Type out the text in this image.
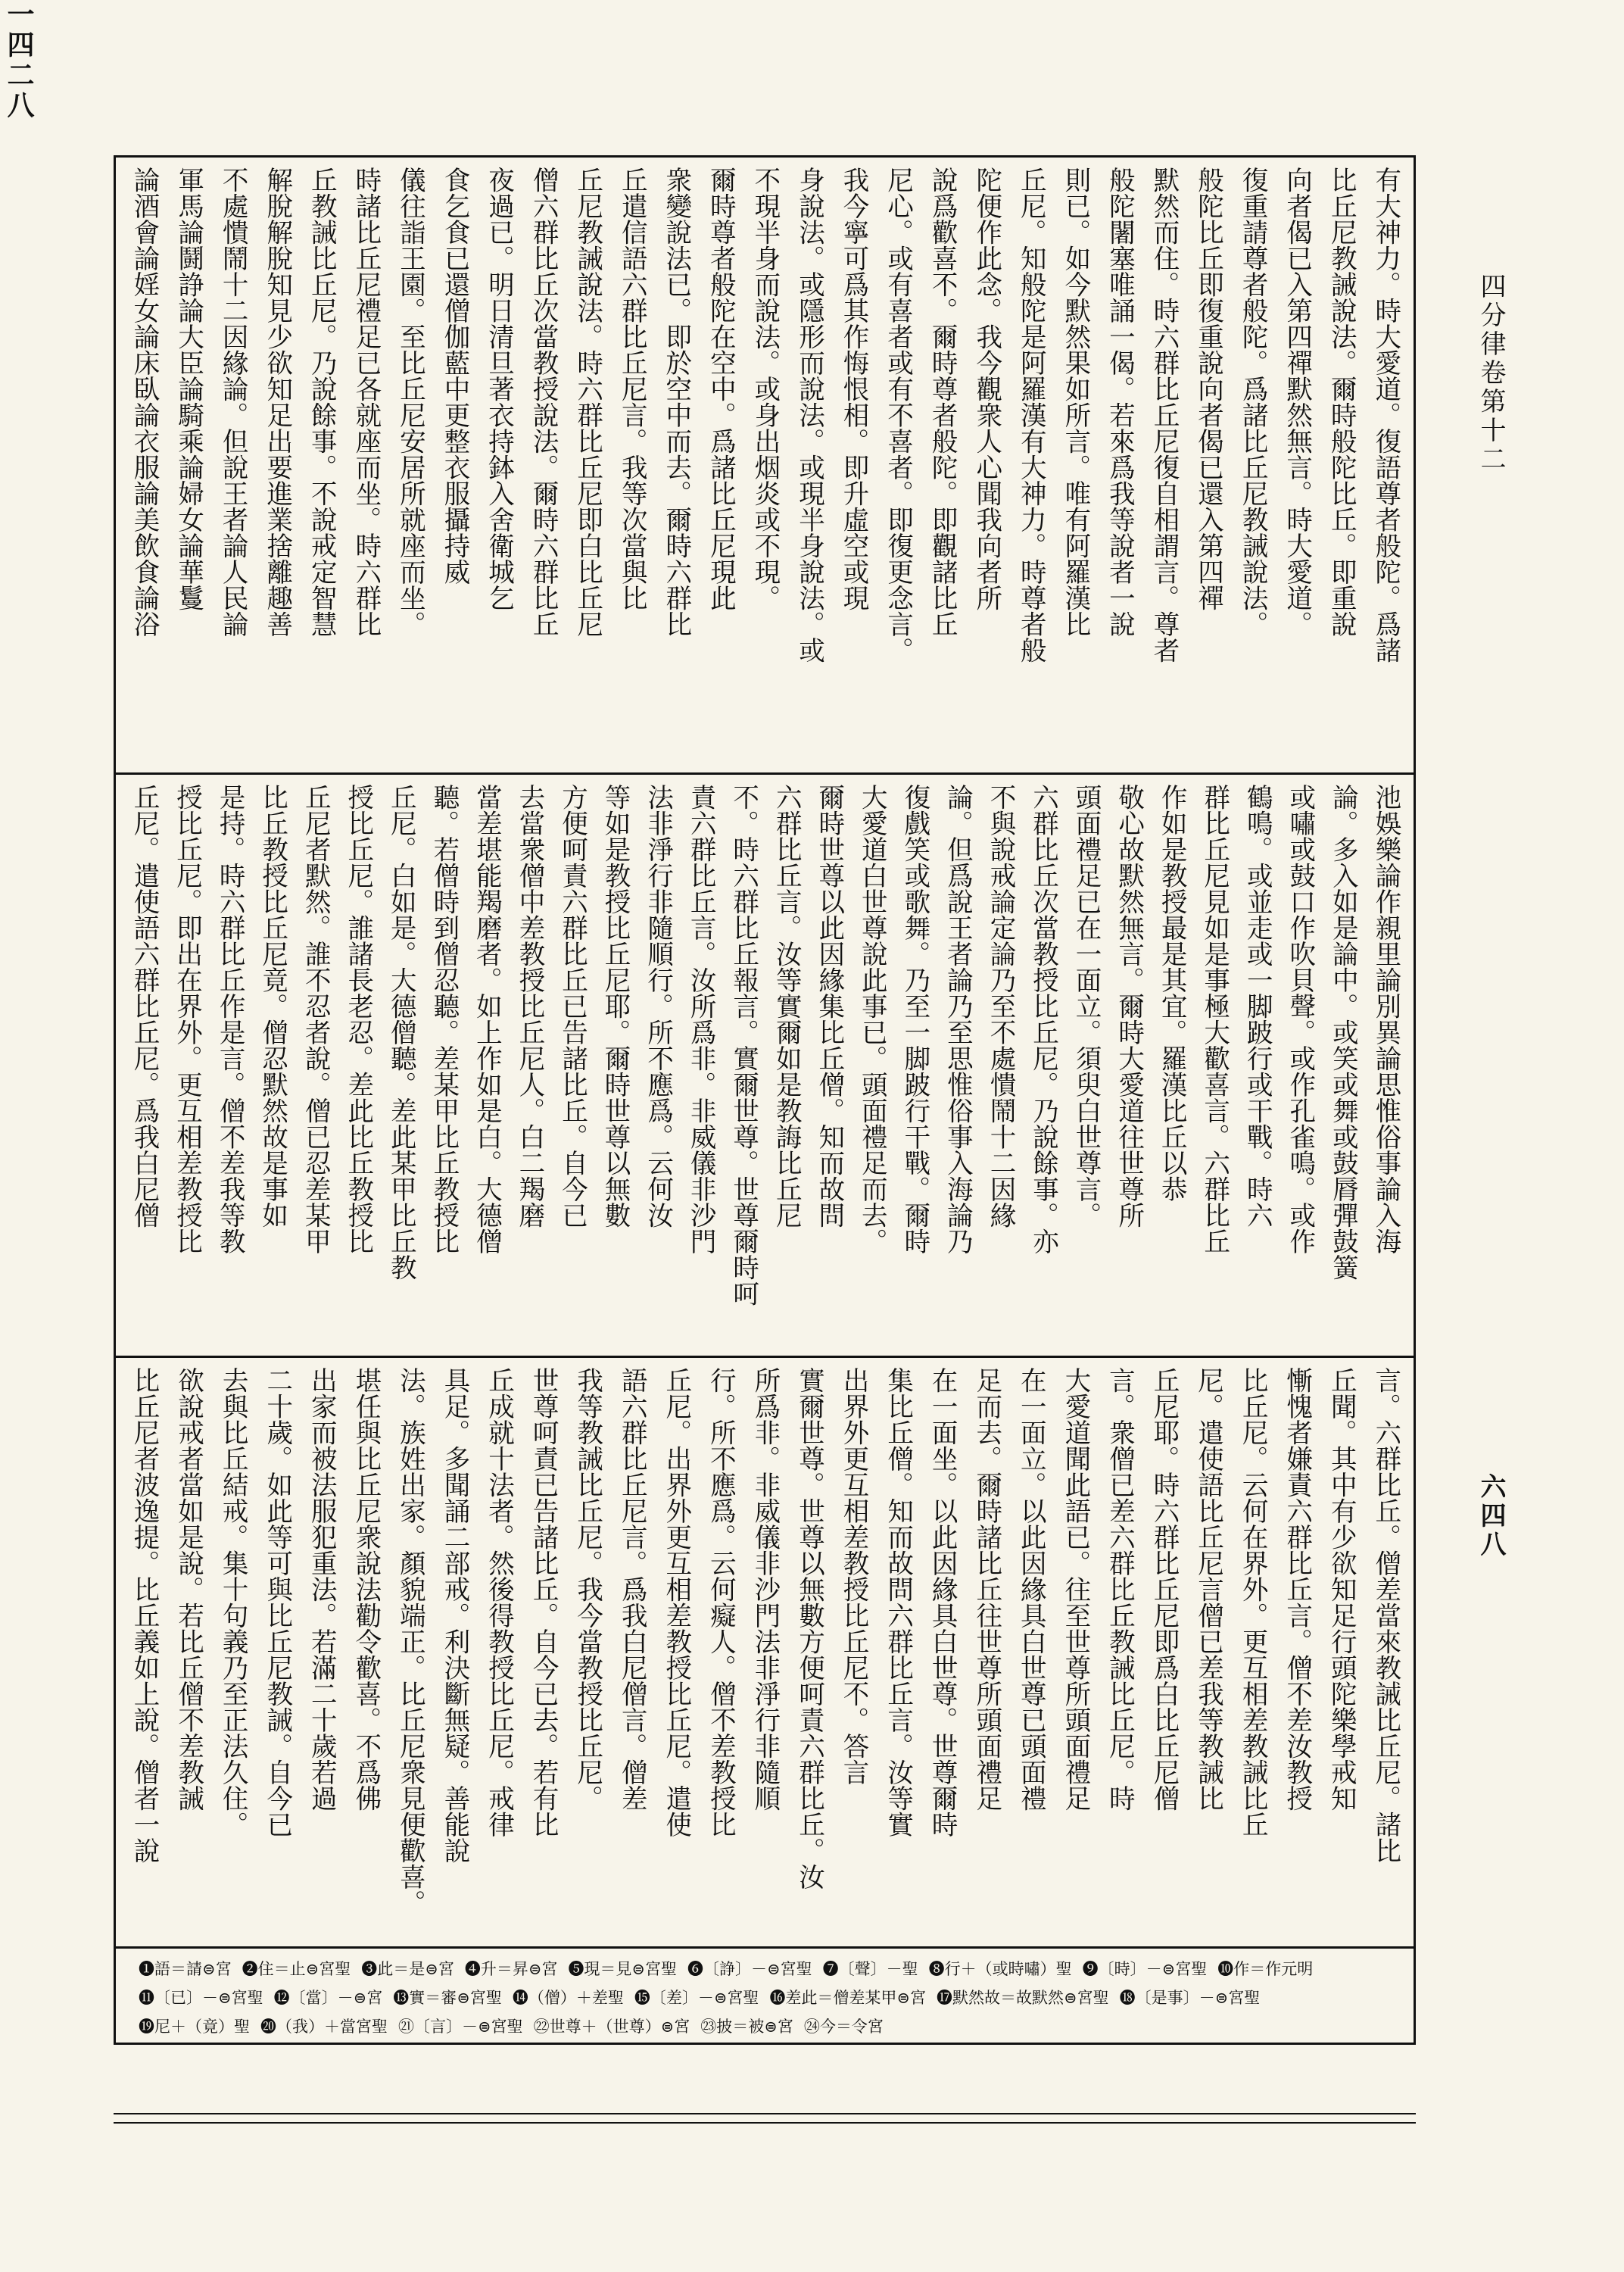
一四二八
四分律卷第十二
六四八
有大神力。時大愛道。復語尊者般陀。爲諸
比丘尼教誡說法。爾時般陀比丘。即重說
向者偈已入第四禪默然無言。時大愛道。
復重請尊者般陀。爲諸比丘尼教誡說法。
般陀比丘即復重說向者偈已還入第四禪
默然而住。時六群比丘尼復自相謂言。尊者
般陀闍塞唯誦一偈。若來爲我等說者一說
則已。如今默然果如所言。唯有阿羅漢比
丘尼。知般陀是阿羅漢有大神力。時尊者般
陀便作此念。我今觀衆人心聞我向者所
說爲歡喜不。爾時尊者般陀。即觀諸比丘
尼心。或有喜者或有不喜者。即復更念言。
我今寧可爲其作悔恨相。即升虛空或現
身說法。或隱形而說法。或現半身說法。或
不現半身而說法。或身出烟炎或不現。
爾時尊者般陀在空中。爲諸比丘尼現此
衆變說法已。即於空中而去。爾時六群比
丘遣信語六群比丘尼言。我等次當與比
丘尼教誡說法。時六群比丘尼即白比丘尼
僧六群比丘次當教授說法。爾時六群比丘
夜過已。明日清旦著衣持鉢入舍衛城乞
食乞食已還僧伽藍中更整衣服攝持威
儀往詣王園。至比丘尼安居所就座而坐。
時諸比丘尼禮足已各就座而坐。時六群比
丘教誡比丘尼。乃說餘事。不說戒定智慧
解脫解脫知見少欲知足出要進業捨離趣善
不處憒鬧十二因緣論。但說王者論人民論
軍馬論鬪諍論大臣論騎乘論婦女論華鬘
論酒會論婬女論床臥論衣服論美飲食論浴
池娛樂論作親里論別異論思惟俗事論入海
論。多入如是論中。或笑或舞或鼓脣彈鼓簧
或嘯或鼓口作吹貝聲。或作孔雀鳴。或作
鶴鳴。或並走或一脚跛行或干戰。時六
群比丘尼見如是事極大歡喜言。六群比丘
作如是教授最是其宜。羅漢比丘以恭
敬心故默然無言。爾時大愛道往世尊所
頭面禮足已在一面立。須臾白世尊言。
六群比丘次當教授比丘尼。乃說餘事。亦
不與說戒論定論乃至不處憒鬧十二因緣
論。但爲說王者論乃至思惟俗事入海論乃
復戲笑或歌舞。乃至一脚跛行干戰。爾時
大愛道白世尊說此事已。頭面禮足而去。
爾時世尊以此因緣集比丘僧。知而故問
六群比丘言。汝等實爾如是教誨比丘尼
不。時六群比丘報言。實爾世尊。世尊爾時呵
責六群比丘言。汝所爲非。非威儀非沙門
法非淨行非隨順行。所不應爲。云何汝
等如是教授比丘尼耶。爾時世尊以無數
方便呵責六群比丘已告諸比丘。自今已
去當衆僧中差教授比丘尼人。白二羯磨
當差堪能羯磨者。如上作如是白。大德僧
聽。若僧時到僧忍聽。差某甲比丘教授比
丘尼。白如是。大德僧聽。差此某甲比丘教
授比丘尼。誰諸長老忍。差此比丘教授比
丘尼者默然。誰不忍者說。僧已忍差某甲
比丘教授比丘尼竟。僧忍默然故是事如
是持。時六群比丘作是言。僧不差我等教
授比丘尼。即出在界外。更互相差教授比
丘尼。遣使語六群比丘尼。爲我白尼僧
言。六群比丘。僧差當來教誡比丘尼。諸比
丘聞。其中有少欲知足行頭陀樂學戒知
慚愧者嫌責六群比丘言。僧不差汝教授
比丘尼。云何在界外。更互相差教誡比丘
尼。遣使語比丘尼言僧已差我等教誡比
丘尼耶。時六群比丘尼即爲白比丘尼僧
言。衆僧已差六群比丘教誡比丘尼。時
大愛道聞此語已。往至世尊所頭面禮足
在一面立。以此因緣具白世尊已頭面禮
足而去。爾時諸比丘往世尊所頭面禮足
在一面坐。以此因緣具白世尊。世尊爾時
集比丘僧。知而故問六群比丘言。汝等實
出界外更互相差教授比丘尼不。答言
實爾世尊。世尊以無數方便呵責六群比丘。汝
所爲非。非威儀非沙門法非淨行非隨順
行。所不應爲。云何癡人。僧不差教授比
丘尼。出界外更互相差教授比丘尼。遣使
語六群比丘尼言。爲我白尼僧言。僧差
我等教誡比丘尼。我今當教授比丘尼。
世尊呵責已告諸比丘。自今已去。若有比
丘成就十法者。然後得教授比丘尼。戒律
具足。多聞誦二部戒。利決斷無疑。善能說
法。族姓出家。顏貌端正。比丘尼衆見便歡喜。
堪任與比丘尼衆說法勸令歡喜。不爲佛
出家而被法服犯重法。若滿二十歲若過
二十歲。如此等可與比丘尼教誡。自今已
去與比丘結戒。集十句義乃至正法久住。
欲說戒者當如是說。若比丘僧不差教誡
比丘尼者波逸提。比丘義如上說。僧者一說
❶語＝請⊜宮 ❷住＝止⊜宮聖 ❸此＝是⊜宮 ❹升＝昇⊜宮 ❺現＝見⊜宮聖 ❻〔諍〕－⊜宮聖 ❼〔聲〕－聖 ❽行＋（或時嘯）聖 ❾〔時〕－⊜宮聖 ❿作＝作元明⓫〔已〕－⊜宮聖 ⓬〔當〕－⊜宮 ⓭實＝審⊜宮聖 ⓮（僧）＋差聖 ⓯〔差〕－⊜宮聖 ⓰差此＝僧差某甲⊜宮 ⓱默然故＝故默然⊜宮聖 ⓲〔是事〕－⊜宮聖⓳尼＋（竟）聖 ⓴（我）＋當宮聖 ㉑〔言〕－⊜宮聖 ㉒世尊＋（世尊）⊜宮 ㉓披＝被⊜宮 ㉔今＝令宮
